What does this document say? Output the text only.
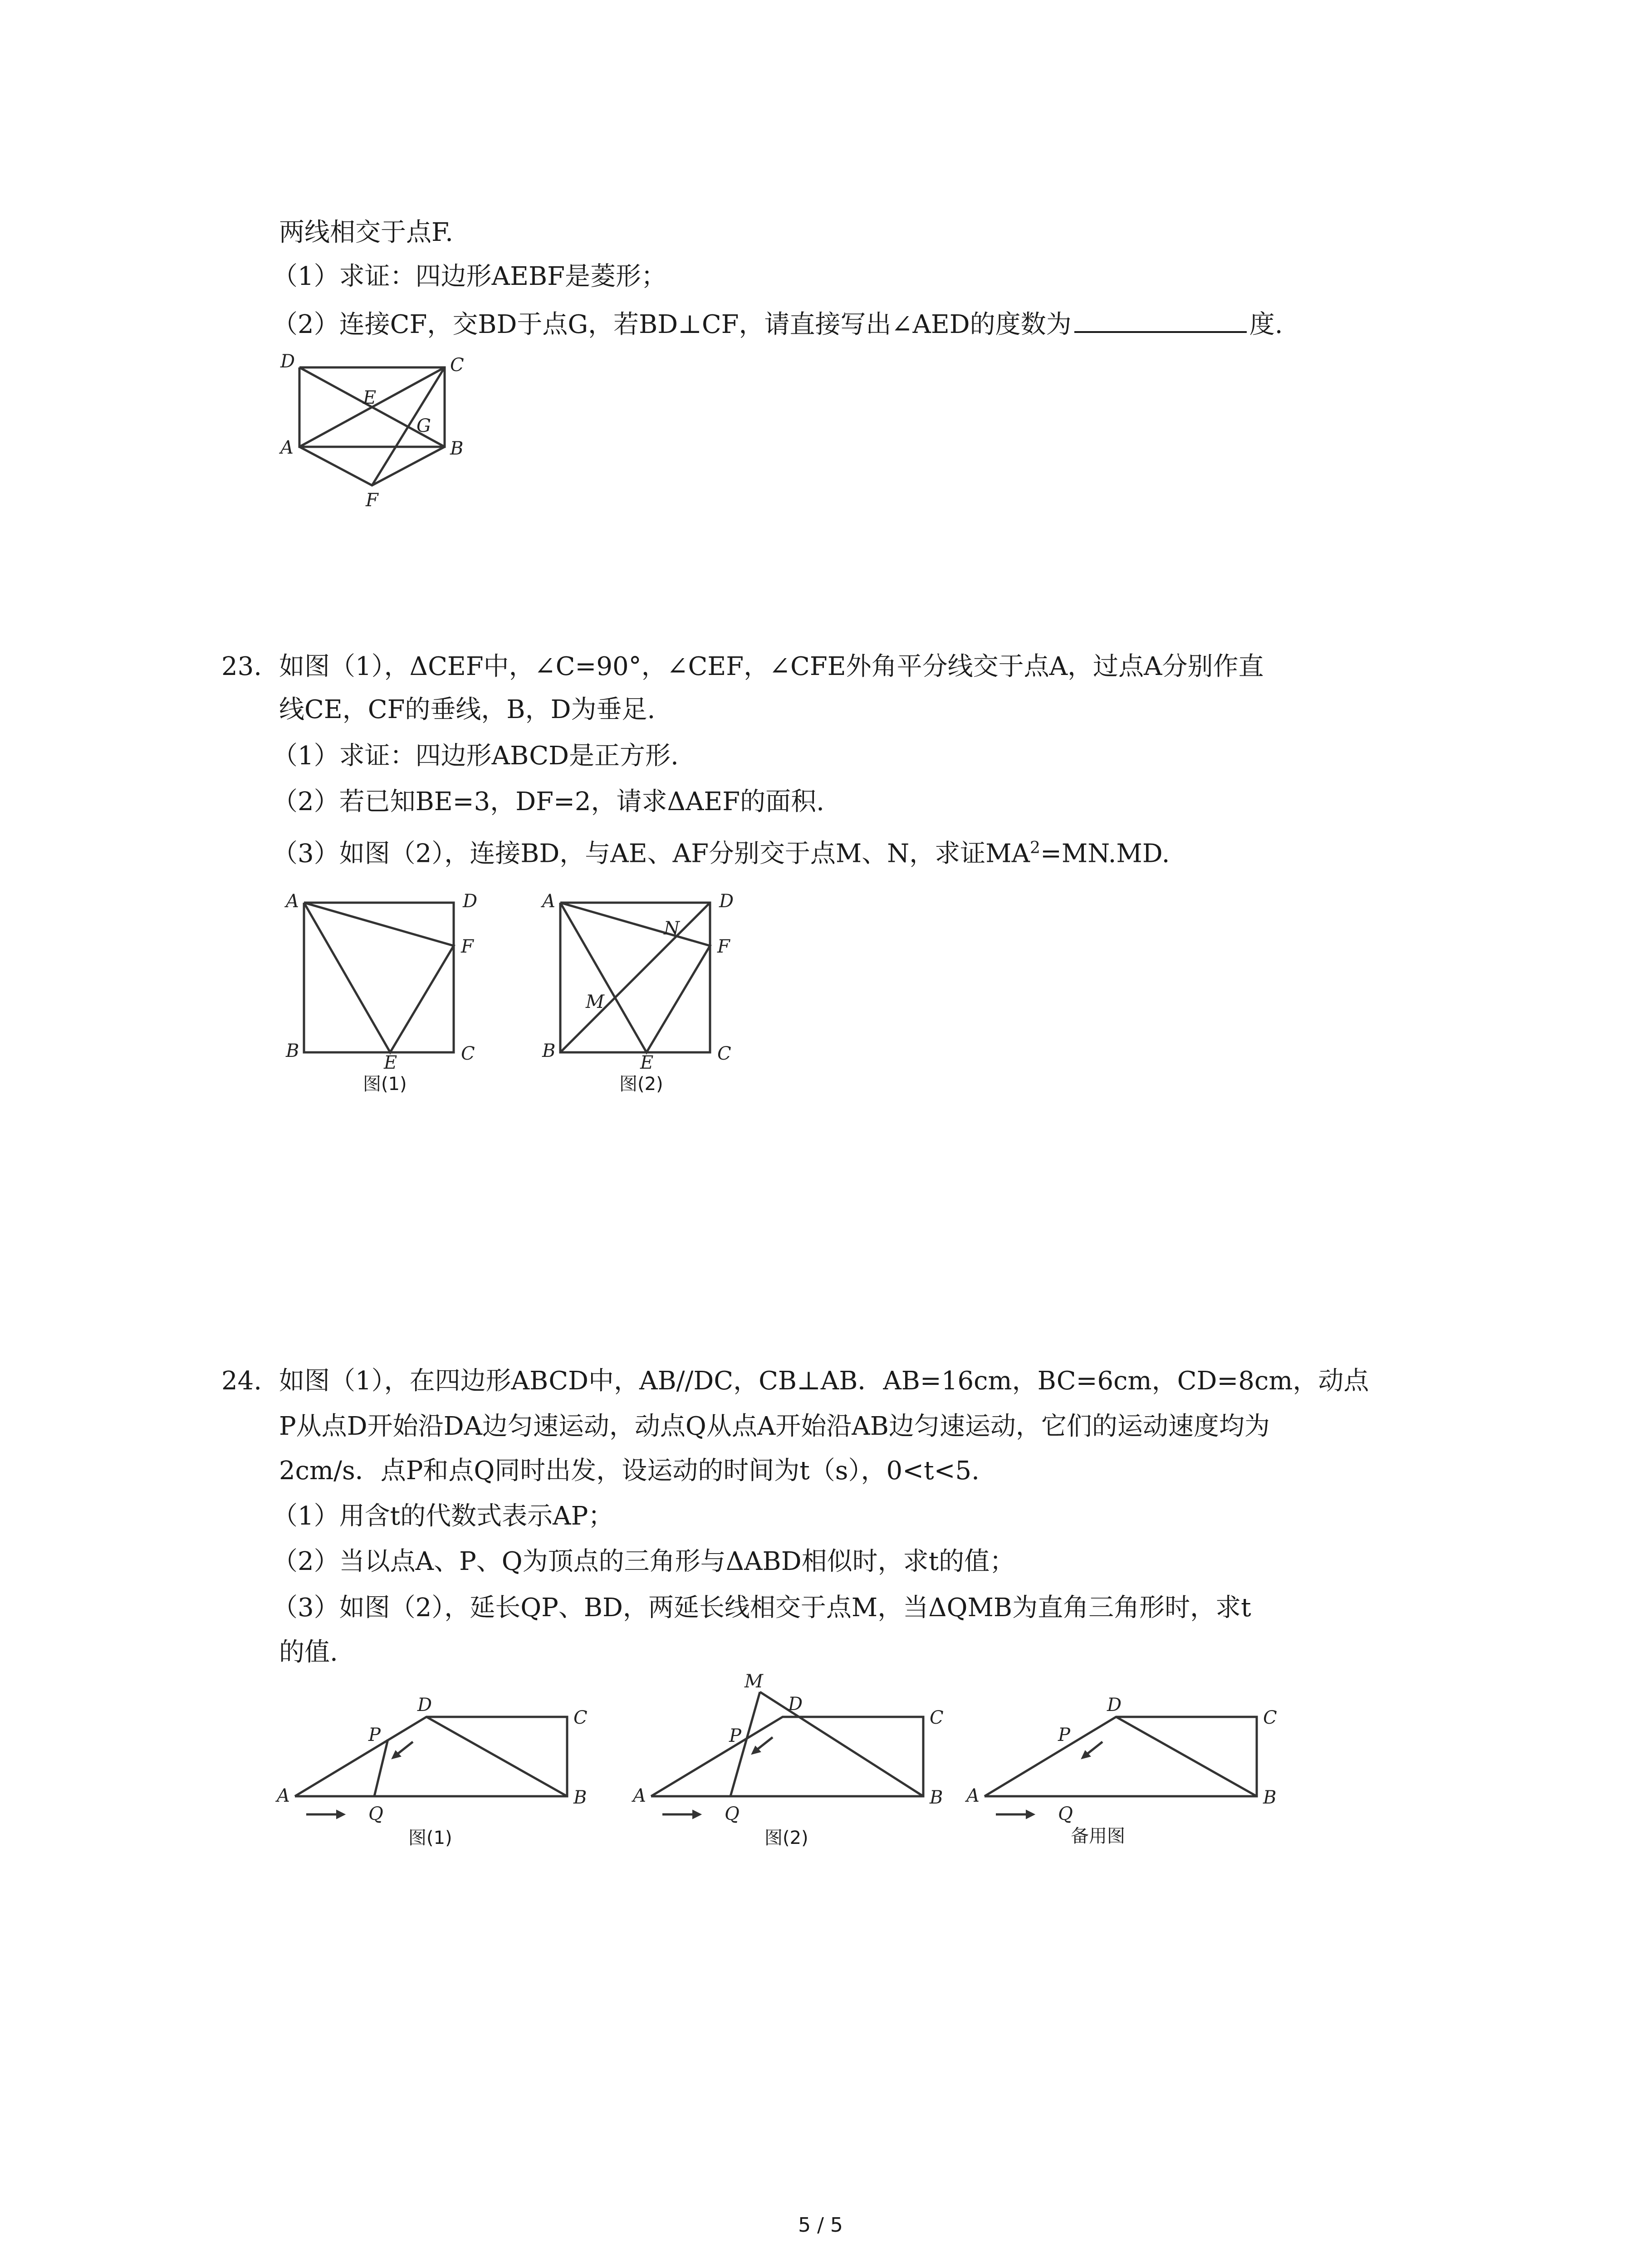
两线相交于点F.
（1）求证：四边形AEBF是菱形；
（2）连接CF，交BD于点G，若BD⊥CF，请直接写出∠AED的度数为	度.
D	C
E
G
A	B
F
23. 如图（1），ΔCEF中，∠C=90°，∠CEF，∠CFE外角平分线交于点A，过点A分别作直
线CE，CF的垂线，B，D为垂足.
（1）求证：四边形ABCD是正方形.
（2）若已知BE=3，DF=2，请求ΔAEF的面积.
（3）如图（2），连接BD，与AE、AF分别交于点M、N，求证$MA^2=MN.MD$.
A	D
F
B
E	C
图(1)
A	D
N
F
M
B
E	C
图(2)
24. 如图（1），在四边形ABCD中，AB//DC，CB⊥AB．AB=16cm，BC=6cm，CD=8cm，动点
P从点D开始沿DA边匀速运动，动点Q从点A开始沿AB边匀速运动，它们的运动速度均为
2cm/s．点P和点Q同时出发，设运动的时间为t（s），0<t<5.
（1）用含t的代数式表示AP；
（2）当以点A、P、Q为顶点的三角形与ΔABD相似时，求t的值；
（3）如图（2），延长QP、BD，两延长线相交于点M，当ΔQMB为直角三角形时，求t
的值.
D
C
P
A
Q
B
图(1)
M
D
C
P
A
Q
B
图(2)
D
C
P
A
Q
B
备用图
5 / 5
